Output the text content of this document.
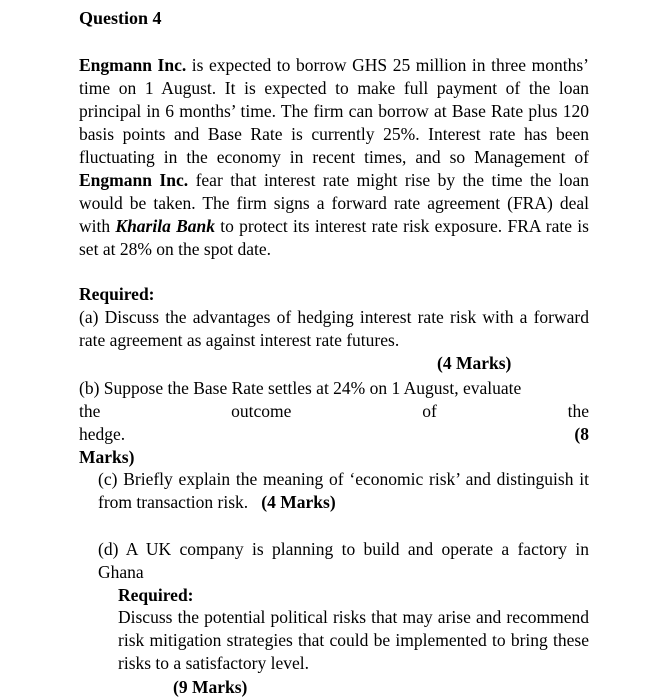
Question 4
Engmann Inc. is expected to borrow GHS 25 million in three months’ time on 1 August. It is expected to make full payment of the loan principal in 6 months’ time. The firm can borrow at Base Rate plus 120 basis points and Base Rate is currently 25%. Interest rate has been fluctuating in the economy in recent times, and so Management of Engmann Inc. fear that interest rate might rise by the time the loan would be taken. The firm signs a forward rate agreement (FRA) deal with Kharila Bank to protect its interest rate risk exposure. FRA rate is set at 28% on the spot date.
Required:
(a) Discuss the advantages of hedging interest rate risk with a forward rate agreement as against interest rate futures.
(4 Marks)
(b) Suppose the Base Rate settles at 24% on 1 August, evaluate
the	outcome	of	the
hedge.	(8
Marks)
(c) Briefly explain the meaning of ‘economic risk’ and distinguish it from transaction risk. (4 Marks)
(d) A UK company is planning to build and operate a factory in Ghana
Required:
Discuss the potential political risks that may arise and recommend risk mitigation strategies that could be implemented to bring these risks to a satisfactory level.
(9 Marks)
